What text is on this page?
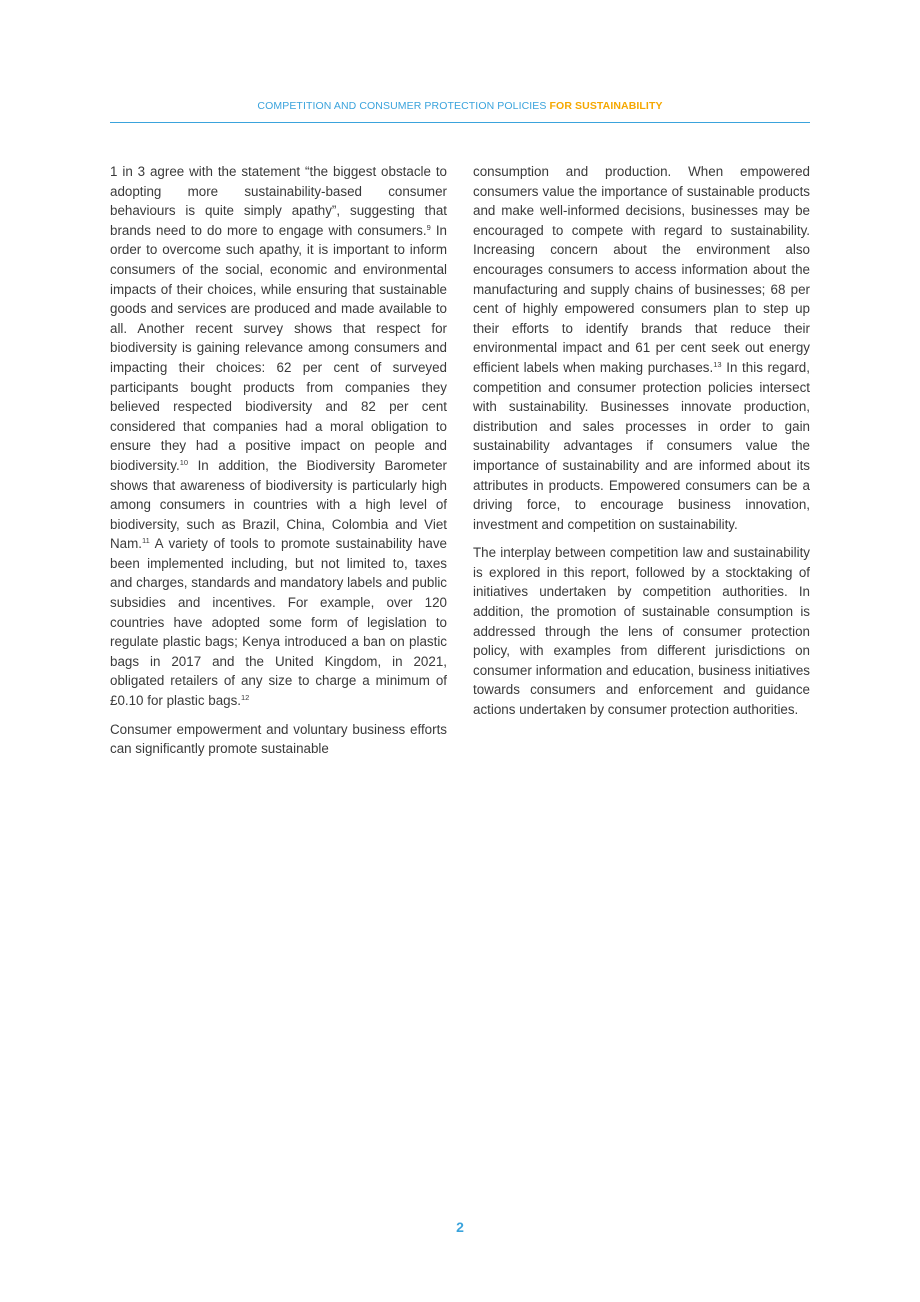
COMPETITION AND CONSUMER PROTECTION POLICIES FOR SUSTAINABILITY

1 in 3 agree with the statement “the biggest obstacle to adopting more sustainability-based consumer behaviours is quite simply apathy”, suggesting that brands need to do more to engage with consumers.$^9$ In order to overcome such apathy, it is important to inform consumers of the social, economic and environmental impacts of their choices, while ensuring that sustainable goods and services are produced and made available to all. Another recent survey shows that respect for biodiversity is gaining relevance among consumers and impacting their choices: 62 per cent of surveyed participants bought products from companies they believed respected biodiversity and 82 per cent considered that companies had a moral obligation to ensure they had a positive impact on people and biodiversity.$^{10}$ In addition, the Biodiversity Barometer shows that awareness of biodiversity is particularly high among consumers in countries with a high level of biodiversity, such as Brazil, China, Colombia and Viet Nam.$^{11}$ A variety of tools to promote sustainability have been implemented including, but not limited to, taxes and charges, standards and mandatory labels and public subsidies and incentives. For example, over 120 countries have adopted some form of legislation to regulate plastic bags; Kenya introduced a ban on plastic bags in 2017 and the United Kingdom, in 2021, obligated retailers of any size to charge a minimum of £0.10 for plastic bags.$^{12}$

Consumer empowerment and voluntary business efforts can significantly promote sustainable

consumption and production. When empowered consumers value the importance of sustainable products and make well-informed decisions, businesses may be encouraged to compete with regard to sustainability. Increasing concern about the environment also encourages consumers to access information about the manufacturing and supply chains of businesses; 68 per cent of highly empowered consumers plan to step up their efforts to identify brands that reduce their environmental impact and 61 per cent seek out energy efficient labels when making purchases.$^{13}$ In this regard, competition and consumer protection policies intersect with sustainability. Businesses innovate production, distribution and sales processes in order to gain sustainability advantages if consumers value the importance of sustainability and are informed about its attributes in products. Empowered consumers can be a driving force, to encourage business innovation, investment and competition on sustainability.

The interplay between competition law and sustainability is explored in this report, followed by a stocktaking of initiatives undertaken by competition authorities. In addition, the promotion of sustainable consumption is addressed through the lens of consumer protection policy, with examples from different jurisdictions on consumer information and education, business initiatives towards consumers and enforcement and guidance actions undertaken by consumer protection authorities.

2
